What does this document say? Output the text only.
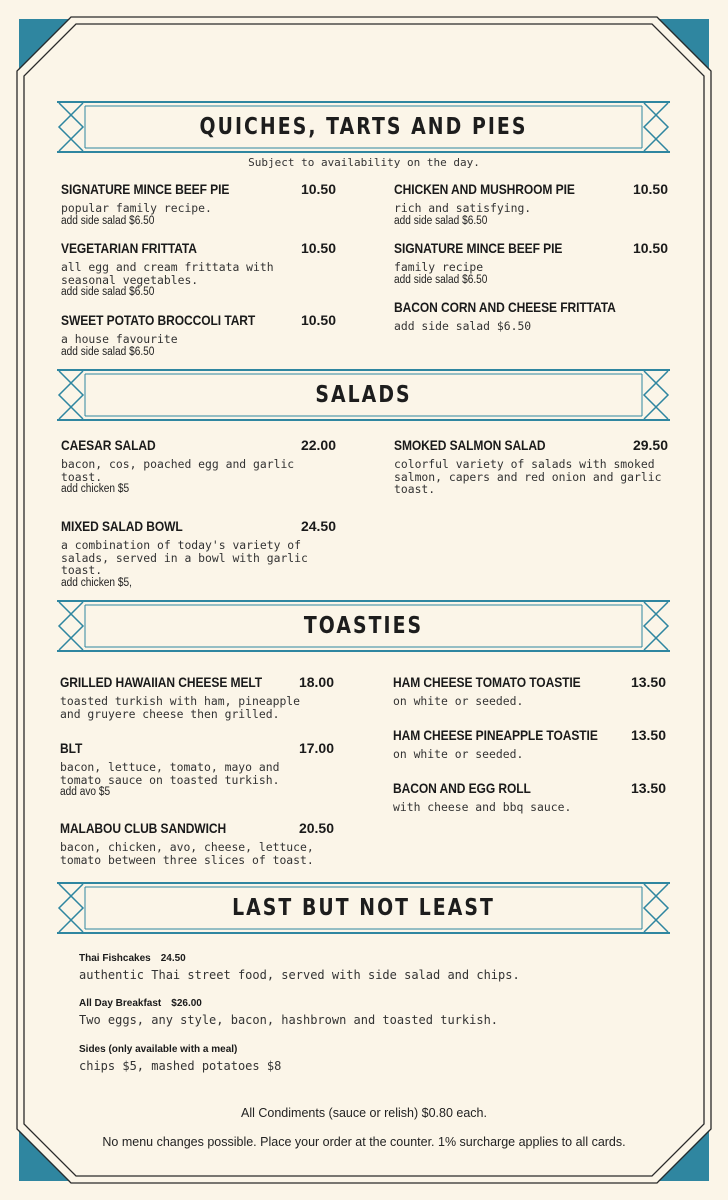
QUICHES, TARTS AND PIES
Subject to availability on the day.
SIGNATURE MINCE BEEF PIE	10.50
popular family recipe.
add side salad $6.50
VEGETARIAN FRITTATA	10.50
all egg and cream frittata with seasonal vegetables.
add side salad $6.50
SWEET POTATO BROCCOLI TART	10.50
a house favourite
add side salad $6.50
CHICKEN AND MUSHROOM PIE	10.50
rich and satisfying.
add side salad $6.50
SIGNATURE MINCE BEEF PIE	10.50
family recipe
add side salad $6.50
BACON CORN AND CHEESE FRITTATA
add side salad $6.50
SALADS
CAESAR SALAD	22.00
bacon, cos, poached egg and garlic toast.
add chicken $5
MIXED SALAD BOWL	24.50
a combination of today's variety of salads, served in a bowl with garlic toast.
add chicken $5,
SMOKED SALMON SALAD	29.50
colorful variety of salads with smoked salmon, capers and red onion and garlic toast.
TOASTIES
GRILLED HAWAIIAN CHEESE MELT	18.00
toasted turkish with ham, pineapple and gruyere cheese then grilled.
BLT	17.00
bacon, lettuce, tomato, mayo and tomato sauce on toasted turkish.
add avo $5
MALABOU CLUB SANDWICH	20.50
bacon, chicken, avo, cheese, lettuce, tomato between three slices of toast.
HAM CHEESE TOMATO TOASTIE	13.50
on white or seeded.
HAM CHEESE PINEAPPLE TOASTIE 13.50
on white or seeded.
BACON AND EGG ROLL	13.50
with cheese and bbq sauce.
LAST BUT NOT LEAST
Thai Fishcakes 24.50
authentic Thai street food, served with side salad and chips.
All Day Breakfast $26.00
Two eggs, any style, bacon, hashbrown and toasted turkish.
Sides (only available with a meal)
chips $5, mashed potatoes $8
All Condiments (sauce or relish) $0.80 each.
No menu changes possible. Place your order at the counter. 1% surcharge applies to all cards.
